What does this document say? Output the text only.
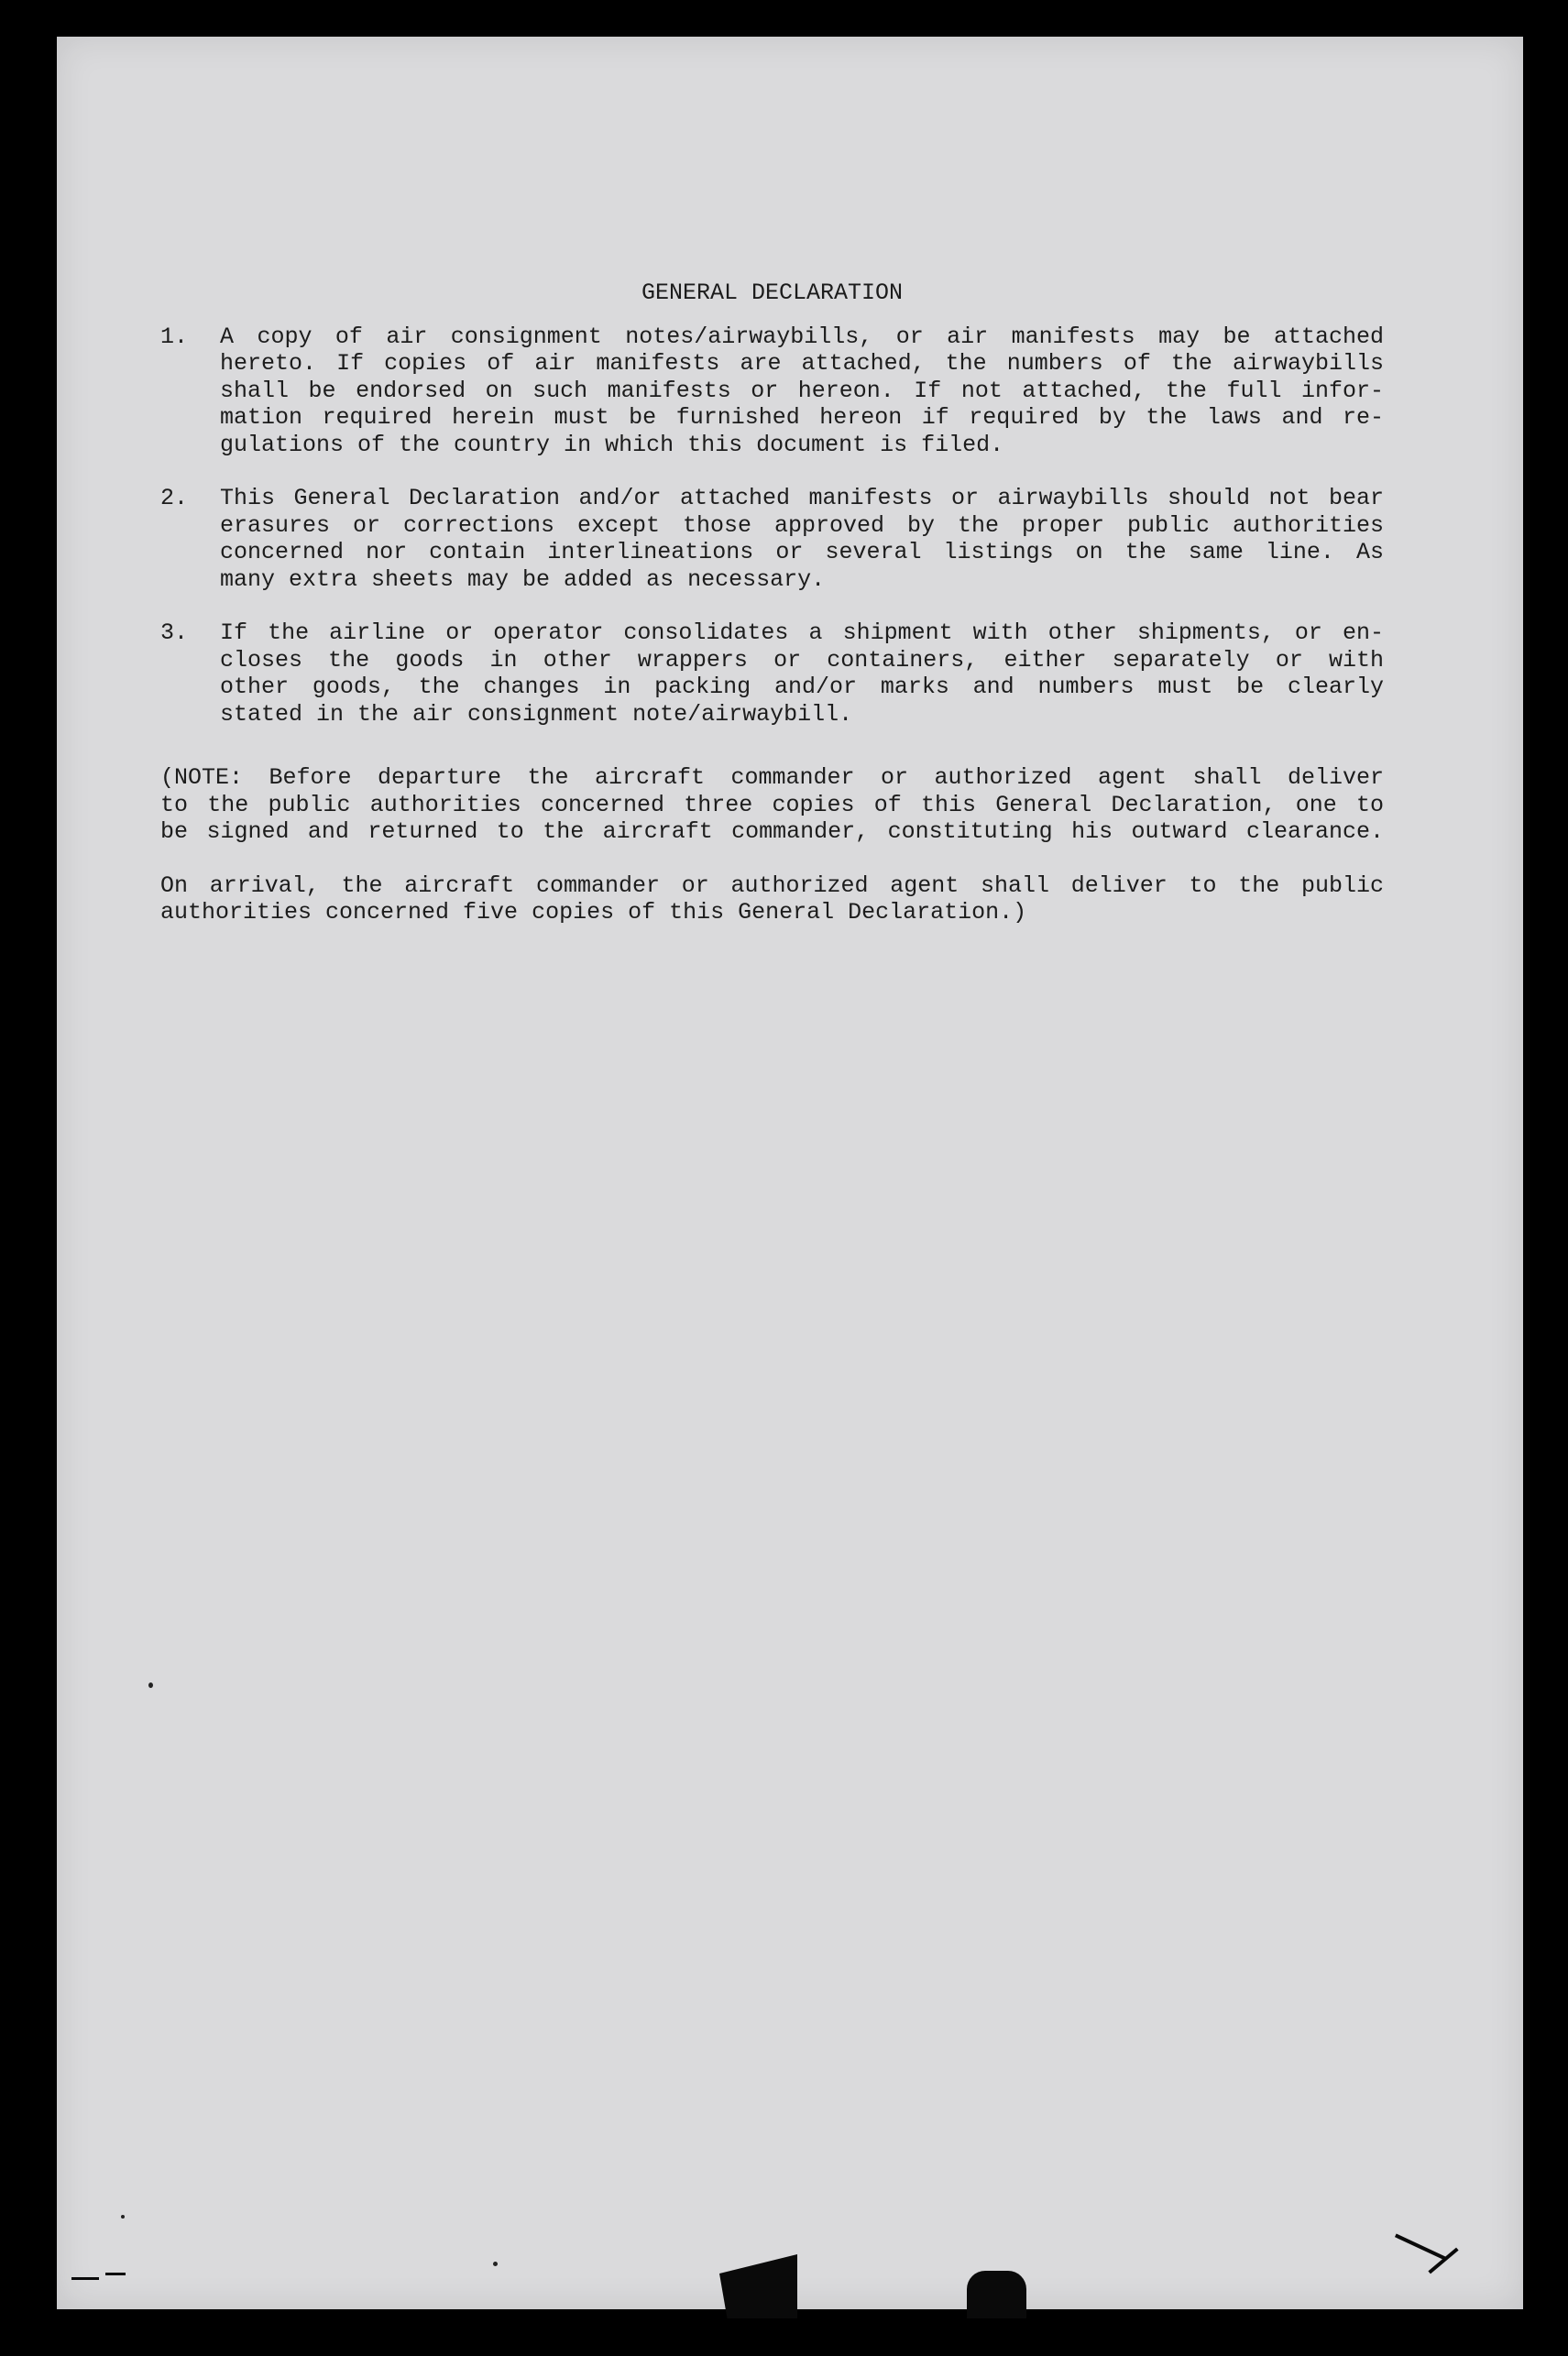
GENERAL DECLARATION
1.	A copy of air consignment notes/airwaybills, or air manifests may be attached
hereto. If copies of air manifests are attached, the numbers of the airwaybills
shall be endorsed on such manifests or hereon. If not attached, the full infor-
mation required herein must be furnished hereon if required by the laws and re-
gulations of the country in which this document is filed.
2.	This General Declaration and/or attached manifests or airwaybills should not bear
erasures or corrections except those approved by the proper public authorities
concerned nor contain interlineations or several listings on the same line. As
many extra sheets may be added as necessary.
3.	If the airline or operator consolidates a shipment with other shipments, or en-
closes the goods in other wrappers or containers, either separately or with
other goods, the changes in packing and/or marks and numbers must be clearly
stated in the air consignment note/airwaybill.
(NOTE: Before departure the aircraft commander or authorized agent shall deliver
to the public authorities concerned three copies of this General Declaration, one to
be signed and returned to the aircraft commander, constituting his outward clearance.
On arrival, the aircraft commander or authorized agent shall deliver to the public
authorities concerned five copies of this General Declaration.)
